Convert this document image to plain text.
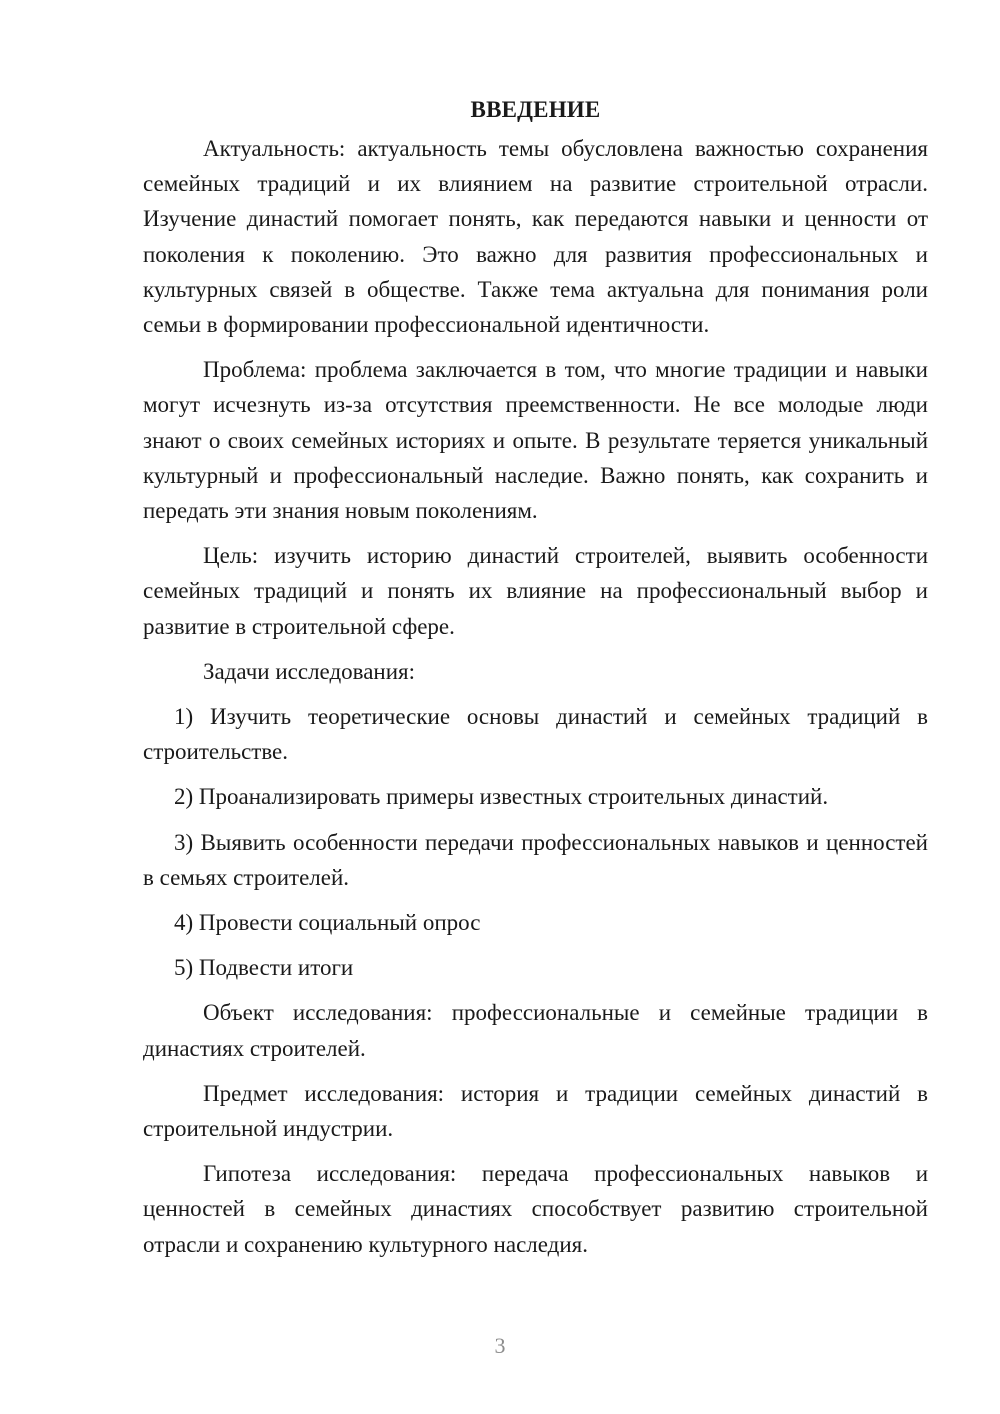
ВВЕДЕНИЕ

Актуальность: актуальность темы обусловлена важностью сохранения семейных традиций и их влиянием на развитие строительной отрасли. Изучение династий помогает понять, как передаются навыки и ценности от поколения к поколению. Это важно для развития профессиональных и культурных связей в обществе. Также тема актуальна для понимания роли семьи в формировании профессиональной идентичности.

Проблема: проблема заключается в том, что многие традиции и навыки могут исчезнуть из-за отсутствия преемственности. Не все молодые люди знают о своих семейных историях и опыте. В результате теряется уникальный культурный и профессиональный наследие. Важно понять, как сохранить и передать эти знания новым поколениям.

Цель: изучить историю династий строителей, выявить особенности семейных традиций и понять их влияние на профессиональный выбор и развитие в строительной сфере.

Задачи исследования:

1) Изучить теоретические основы династий и семейных традиций в строительстве.

2) Проанализировать примеры известных строительных династий.

3) Выявить особенности передачи профессиональных навыков и ценностей в семьях строителей.

4) Провести социальный опрос

5) Подвести итоги

Объект исследования: профессиональные и семейные традиции в династиях строителей.

Предмет исследования: история и традиции семейных династий в строительной индустрии.

Гипотеза исследования: передача профессиональных навыков и ценностей в семейных династиях способствует развитию строительной отрасли и сохранению культурного наследия.

3
